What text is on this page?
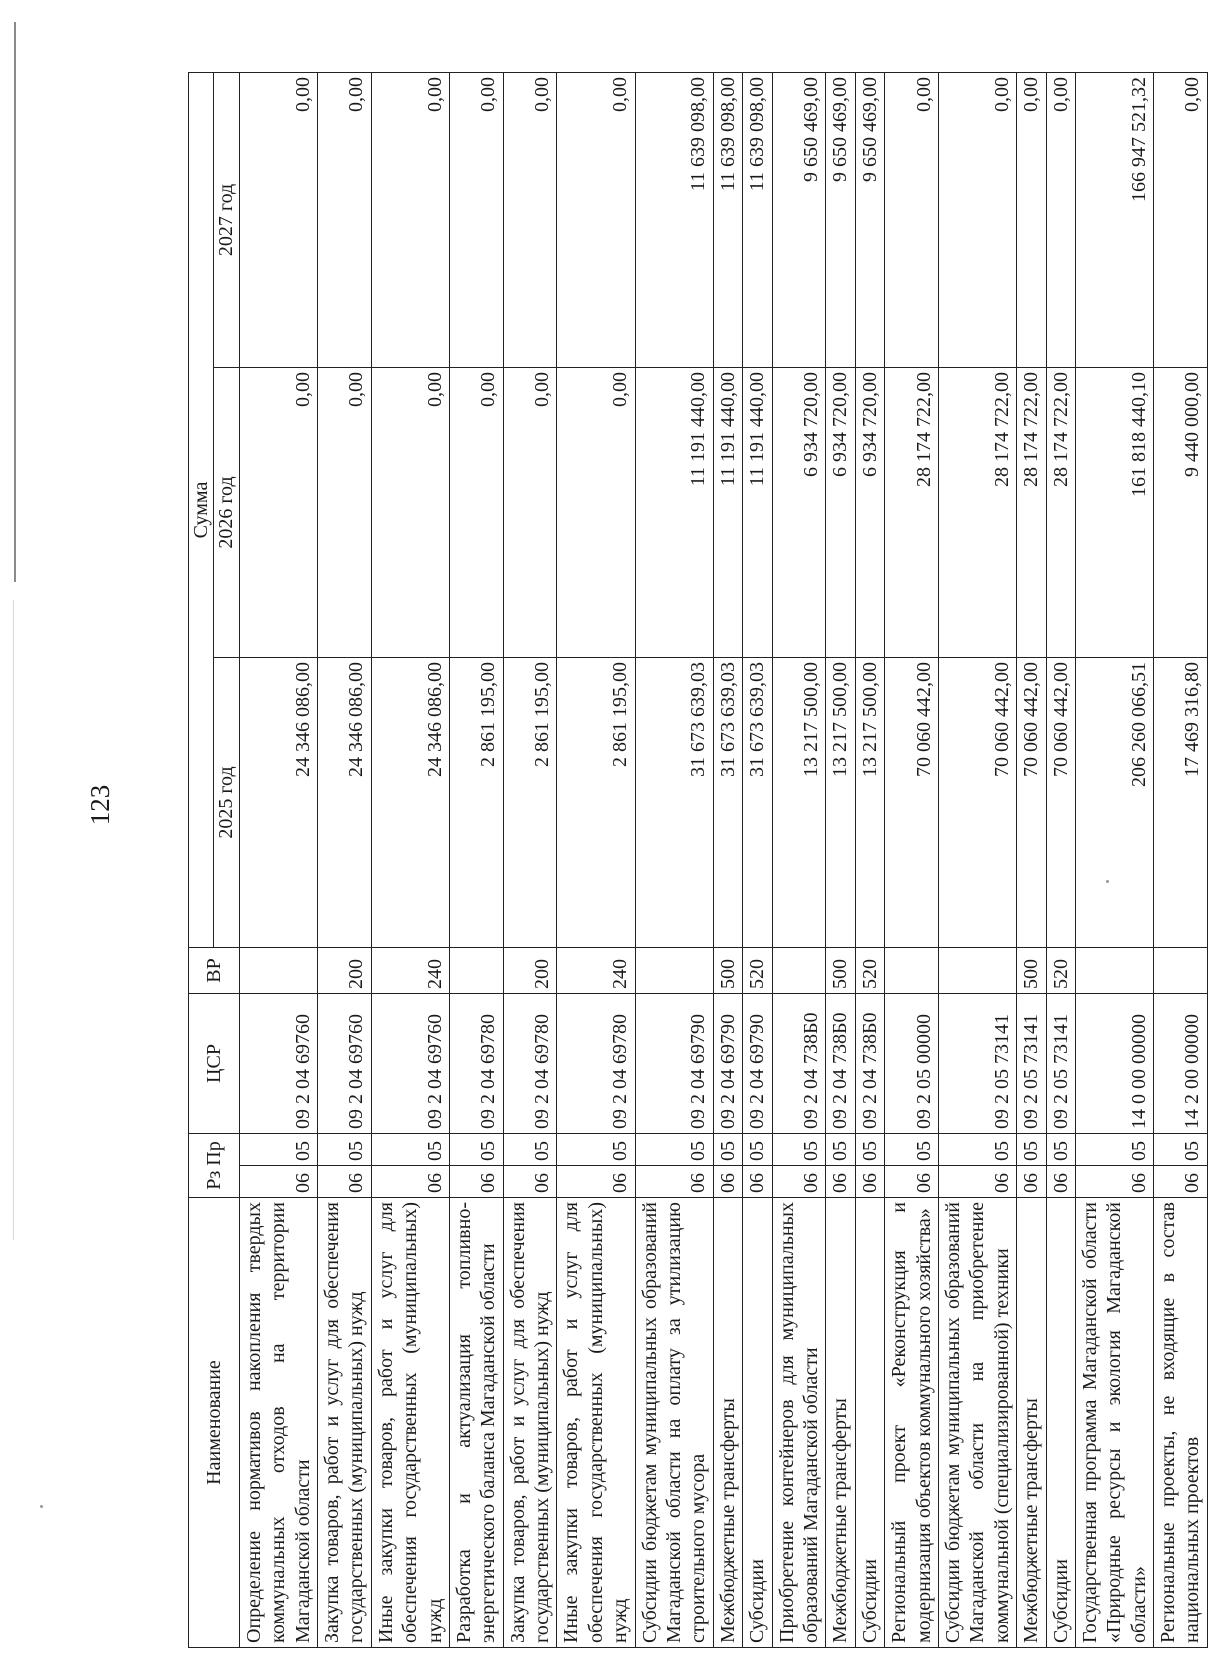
123
Наименование	Рз Пр		ЦСР	ВР	Сумма		
					2025 год	2026 год	2027 год
Определение нормативов накопления твердых коммунальных отходов на территории Магаданской области	06	05	09 2 04 69760		24 346 086,00	0,00	0,00
Закупка товаров, работ и услуг для обеспечения государственных (муниципальных) нужд	06	05	09 2 04 69760	200	24 346 086,00	0,00	0,00
Иные закупки товаров, работ и услуг для обеспечения государственных (муниципальных) нужд	06	05	09 2 04 69760	240	24 346 086,00	0,00	0,00
Разработка и актуализация топливно-энергетического баланса Магаданской области	06	05	09 2 04 69780		2 861 195,00	0,00	0,00
Закупка товаров, работ и услуг для обеспечения государственных (муниципальных) нужд	06	05	09 2 04 69780	200	2 861 195,00	0,00	0,00
Иные закупки товаров, работ и услуг для обеспечения государственных (муниципальных) нужд	06	05	09 2 04 69780	240	2 861 195,00	0,00	0,00
Субсидии бюджетам муниципальных образований Магаданской области на оплату за утилизацию строительного мусора	06	05	09 2 04 69790		31 673 639,03	11 191 440,00	11 639 098,00
Межбюджетные трансферты	06	05	09 2 04 69790	500	31 673 639,03	11 191 440,00	11 639 098,00
Субсидии	06	05	09 2 04 69790	520	31 673 639,03	11 191 440,00	11 639 098,00
Приобретение контейнеров для муниципальных образований Магаданской области	06	05	09 2 04 738Б0		13 217 500,00	6 934 720,00	9 650 469,00
Межбюджетные трансферты	06	05	09 2 04 738Б0	500	13 217 500,00	6 934 720,00	9 650 469,00
Субсидии	06	05	09 2 04 738Б0	520	13 217 500,00	6 934 720,00	9 650 469,00
Региональный проект «Реконструкция и модернизация объектов коммунального хозяйства»	06	05	09 2 05 00000		70 060 442,00	28 174 722,00	0,00
Субсидии бюджетам муниципальных образований Магаданской области на приобретение коммунальной (специализированной) техники	06	05	09 2 05 73141		70 060 442,00	28 174 722,00	0,00
Межбюджетные трансферты	06	05	09 2 05 73141	500	70 060 442,00	28 174 722,00	0,00
Субсидии	06	05	09 2 05 73141	520	70 060 442,00	28 174 722,00	0,00
Государственная программа Магаданской области «Природные ресурсы и экология Магаданской области»	06	05	14 0 00 00000		206 260 066,51	161 818 440,10	166 947 521,32
Региональные проекты, не входящие в состав национальных проектов	06	05	14 2 00 00000		17 469 316,80	9 440 000,00	0,00
